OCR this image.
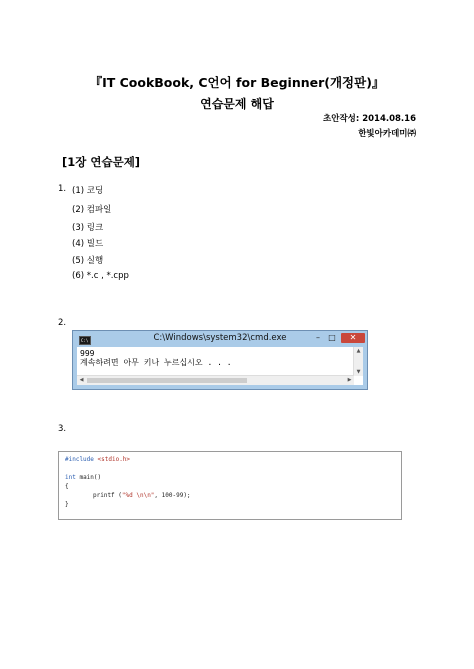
『IT CookBook, C언어 for Beginner(개정판)』
연습문제 해답
초안작성: 2014.08.16
한빛아카데미㈜
[1장 연습문제]
1. (1) 코딩
(2) 컴파일
(3) 링크
(4) 빌드
(5) 실행
(6) *.c , *.cpp
2.
C:\	C:\Windows\system32\cmd.exe	–	□	✕
999
계속하려면 아무 키나 누르십시오 . . .
▲
▼
◀	▶
3.
#include <stdio.h>
int main()
{
printf ("%d \n\n", 100-99);
}
